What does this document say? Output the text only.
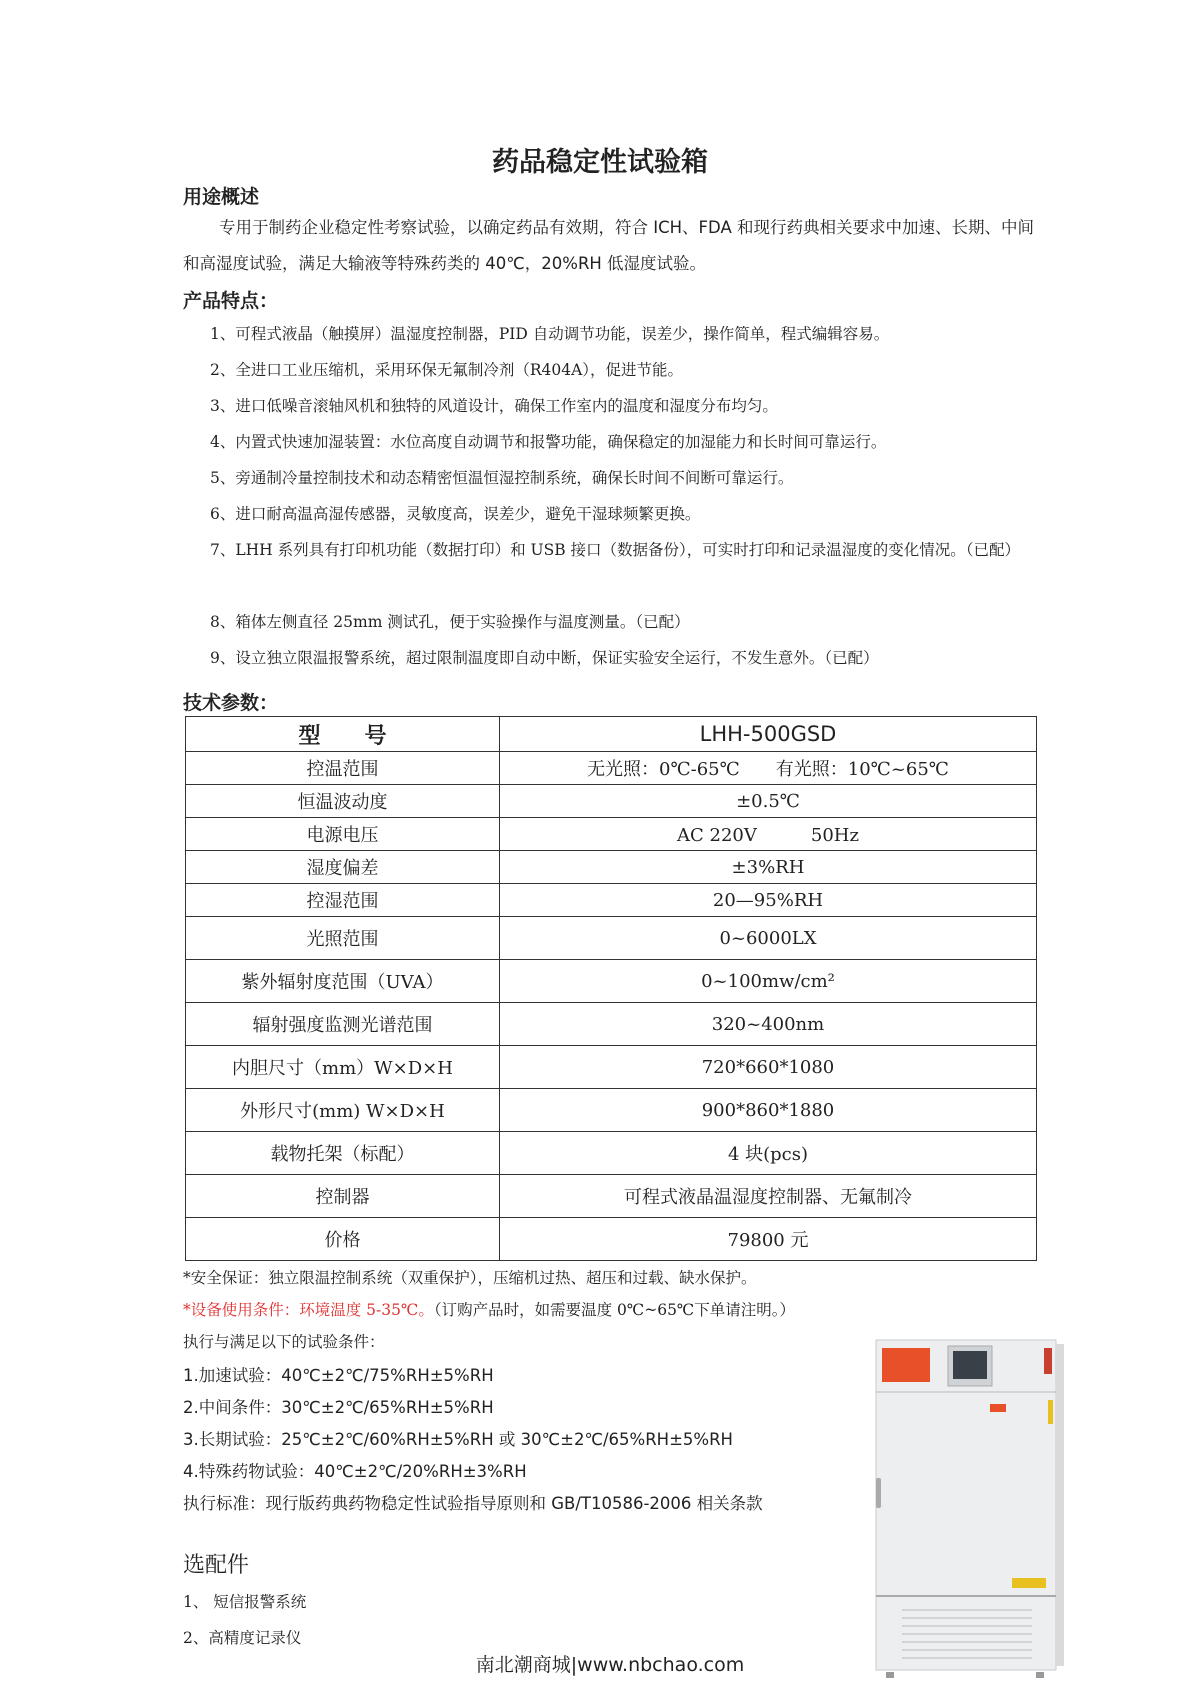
药品稳定性试验箱
用途概述
专用于制药企业稳定性考察试验，以确定药品有效期，符合 ICH、FDA 和现行药典相关要求中加速、长期、中间和高湿度试验，满足大输液等特殊药类的 40℃，20%RH 低湿度试验。
产品特点：
1、可程式液晶（触摸屏）温湿度控制器，PID 自动调节功能，误差少，操作简单，程式编辑容易。
2、全进口工业压缩机，采用环保无氟制冷剂（R404A），促进节能。
3、进口低噪音滚轴风机和独特的风道设计，确保工作室内的温度和湿度分布均匀。
4、内置式快速加湿装置：水位高度自动调节和报警功能，确保稳定的加湿能力和长时间可靠运行。
5、旁通制冷量控制技术和动态精密恒温恒湿控制系统，确保长时间不间断可靠运行。
6、进口耐高温高湿传感器，灵敏度高，误差少，避免干湿球频繁更换。
7、LHH 系列具有打印机功能（数据打印）和 USB 接口（数据备份），可实时打印和记录温湿度的变化情况。（已配）
8、箱体左侧直径 25mm 测试孔，便于实验操作与温度测量。（已配）
9、设立独立限温报警系统，超过限制温度即自动中断，保证实验安全运行，不发生意外。（已配）
技术参数：
型　　号	LHH-500GSD
控温范围	无光照：0℃-65℃　　有光照：10℃~65℃
恒温波动度	±0.5℃
电源电压	AC 220V　　　50Hz
湿度偏差	±3%RH
控湿范围	20—95%RH
光照范围	0~6000LX
紫外辐射度范围（UVA）	0~100mw/cm²
辐射强度监测光谱范围	320~400nm
内胆尺寸（mm）W×D×H	720*660*1080
外形尺寸(mm) W×D×H	900*860*1880
载物托架（标配）	4 块(pcs)
控制器	可程式液晶温湿度控制器、无氟制冷
价格	79800 元
*安全保证：独立限温控制系统（双重保护），压缩机过热、超压和过载、缺水保护。
*设备使用条件：环境温度 5-35℃。（订购产品时，如需要温度 0℃~65℃下单请注明。）
执行与满足以下的试验条件：
1.加速试验：40℃±2℃/75%RH±5%RH
2.中间条件：30℃±2℃/65%RH±5%RH
3.长期试验：25℃±2℃/60%RH±5%RH 或 30℃±2℃/65%RH±5%RH
4.特殊药物试验：40℃±2℃/20%RH±3%RH
执行标准：现行版药典药物稳定性试验指导原则和 GB/T10586-2006 相关条款
选配件
1、 短信报警系统
2、高精度记录仪
南北潮商城|www.nbchao.com
